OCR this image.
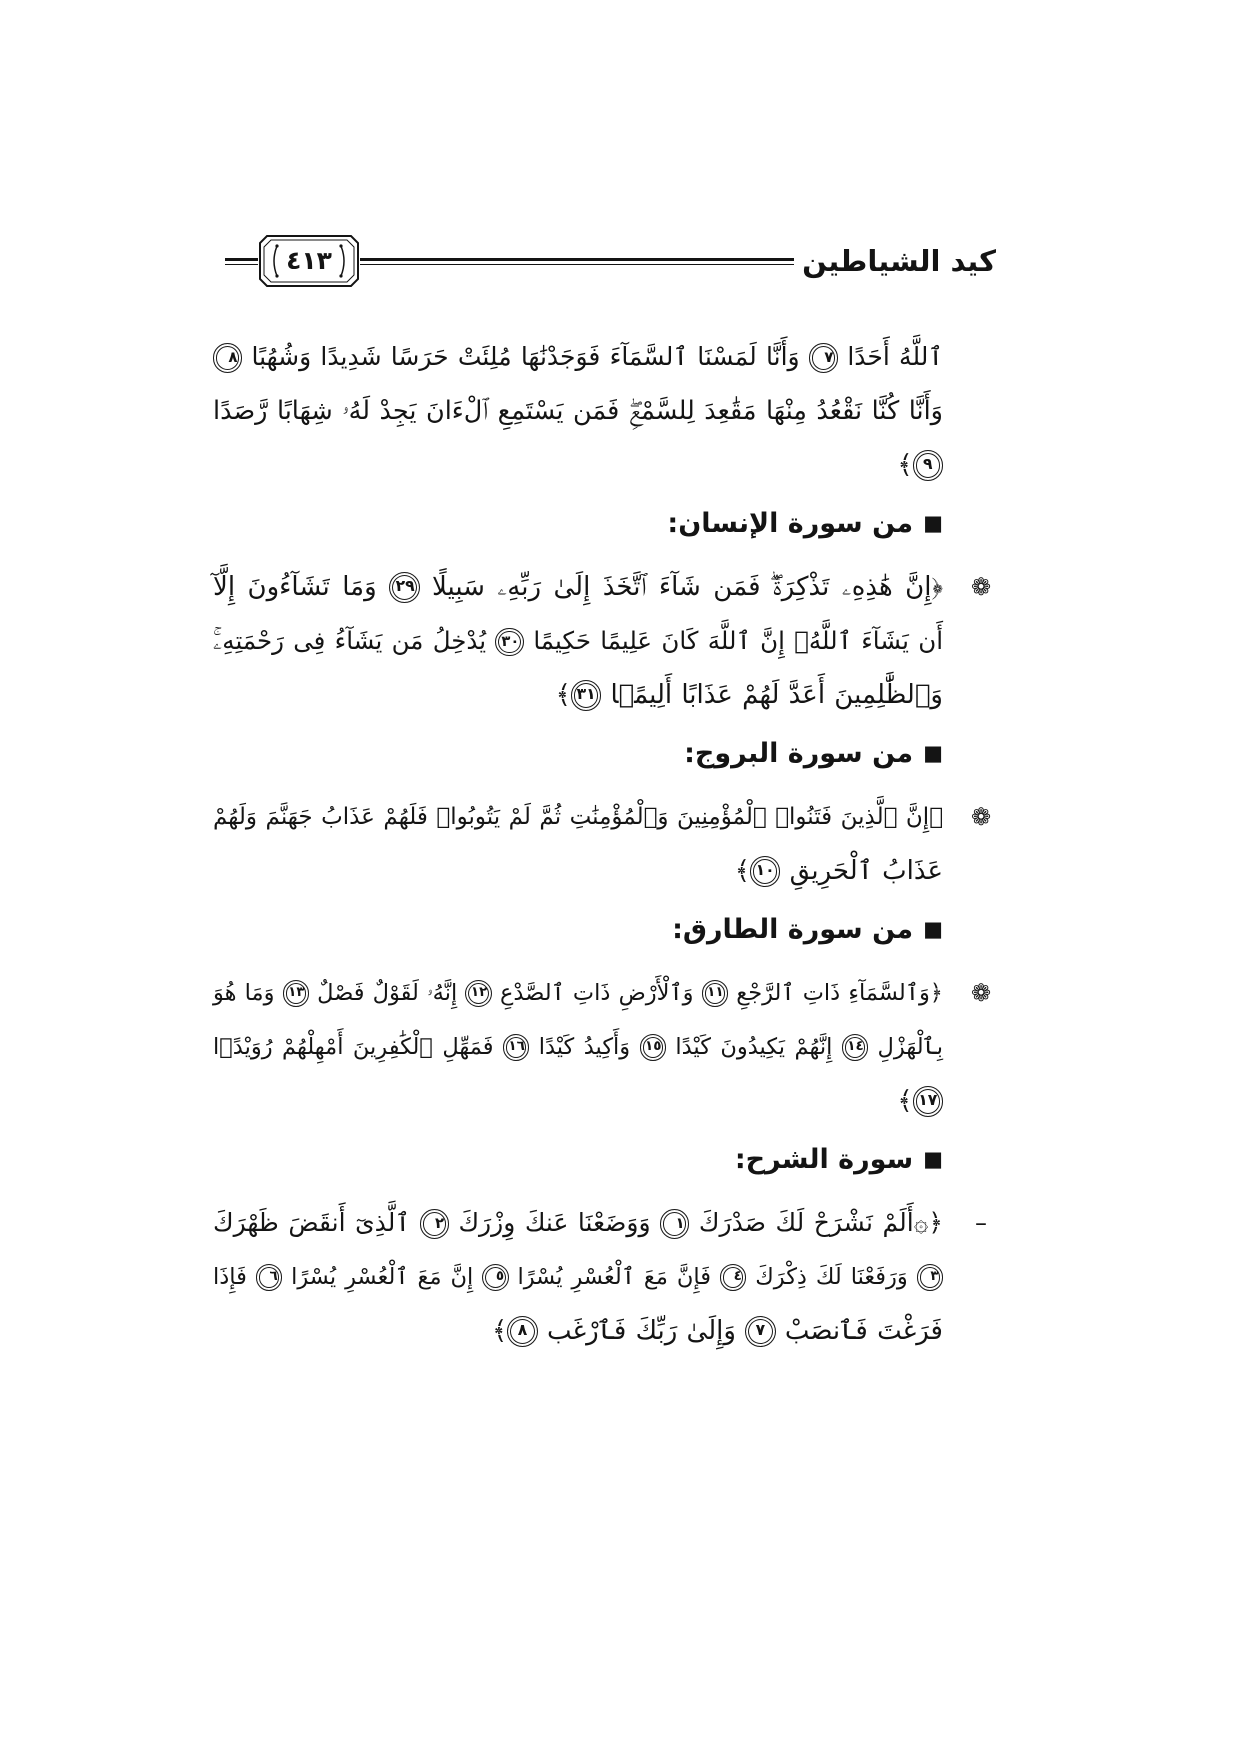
كيد الشياطين
٤١٣
ٱللَّهُ أَحَدًا ٧ وَأَنَّا لَمَسْنَا ٱلسَّمَآءَ فَوَجَدْنَٰهَا مُلِئَتْ حَرَسًا شَدِيدًا وَشُهُبًا ٨
وَأَنَّا كُنَّا نَقْعُدُ مِنْهَا مَقَٰعِدَ لِلسَّمْعِۖ فَمَن يَسْتَمِعِ ٱلْءَانَ يَجِدْ لَهُۥ شِهَابًا رَّصَدًا
٩﴾
■من سورة الإنسان:
❁
﴿إِنَّ هَٰذِهِۦ تَذْكِرَةٌۖ فَمَن شَآءَ ٱتَّخَذَ إِلَىٰ رَبِّهِۦ سَبِيلًا ٢٩ وَمَا تَشَآءُونَ إِلَّآ
أَن يَشَآءَ ٱللَّهُۚ إِنَّ ٱللَّهَ كَانَ عَلِيمًا حَكِيمًا ٣٠ يُدْخِلُ مَن يَشَآءُ فِى رَحْمَتِهِۦۚ
وَٱلظَّٰلِمِينَ أَعَدَّ لَهُمْ عَذَابًا أَلِيمًۢا ٣١﴾
■من سورة البروج:
❁
﴿إِنَّ ٱلَّذِينَ فَتَنُوا۟ ٱلْمُؤْمِنِينَ وَٱلْمُؤْمِنَٰتِ ثُمَّ لَمْ يَتُوبُوا۟ فَلَهُمْ عَذَابُ جَهَنَّمَ وَلَهُمْ
عَذَابُ ٱلْحَرِيقِ ١٠﴾
■من سورة الطارق:
❁
﴿وَٱلسَّمَآءِ ذَاتِ ٱلرَّجْعِ ١١ وَٱلْأَرْضِ ذَاتِ ٱلصَّدْعِ ١٢ إِنَّهُۥ لَقَوْلٌ فَصْلٌ ١٣ وَمَا هُوَ
بِٱلْهَزْلِ ١٤ إِنَّهُمْ يَكِيدُونَ كَيْدًا ١٥ وَأَكِيدُ كَيْدًا ١٦ فَمَهِّلِ ٱلْكَٰفِرِينَ أَمْهِلْهُمْ رُوَيْدًۢا
١٧﴾
■سورة الشرح:
–
﴿۞أَلَمْ نَشْرَحْ لَكَ صَدْرَكَ ١ وَوَضَعْنَا عَنكَ وِزْرَكَ ٢ ٱلَّذِىٓ أَنقَضَ ظَهْرَكَ
٣ وَرَفَعْنَا لَكَ ذِكْرَكَ ٤ فَإِنَّ مَعَ ٱلْعُسْرِ يُسْرًا ٥ إِنَّ مَعَ ٱلْعُسْرِ يُسْرًا ٦ فَإِذَا
فَرَغْتَ فَٱنصَبْ ٧ وَإِلَىٰ رَبِّكَ فَٱرْغَب ٨﴾
